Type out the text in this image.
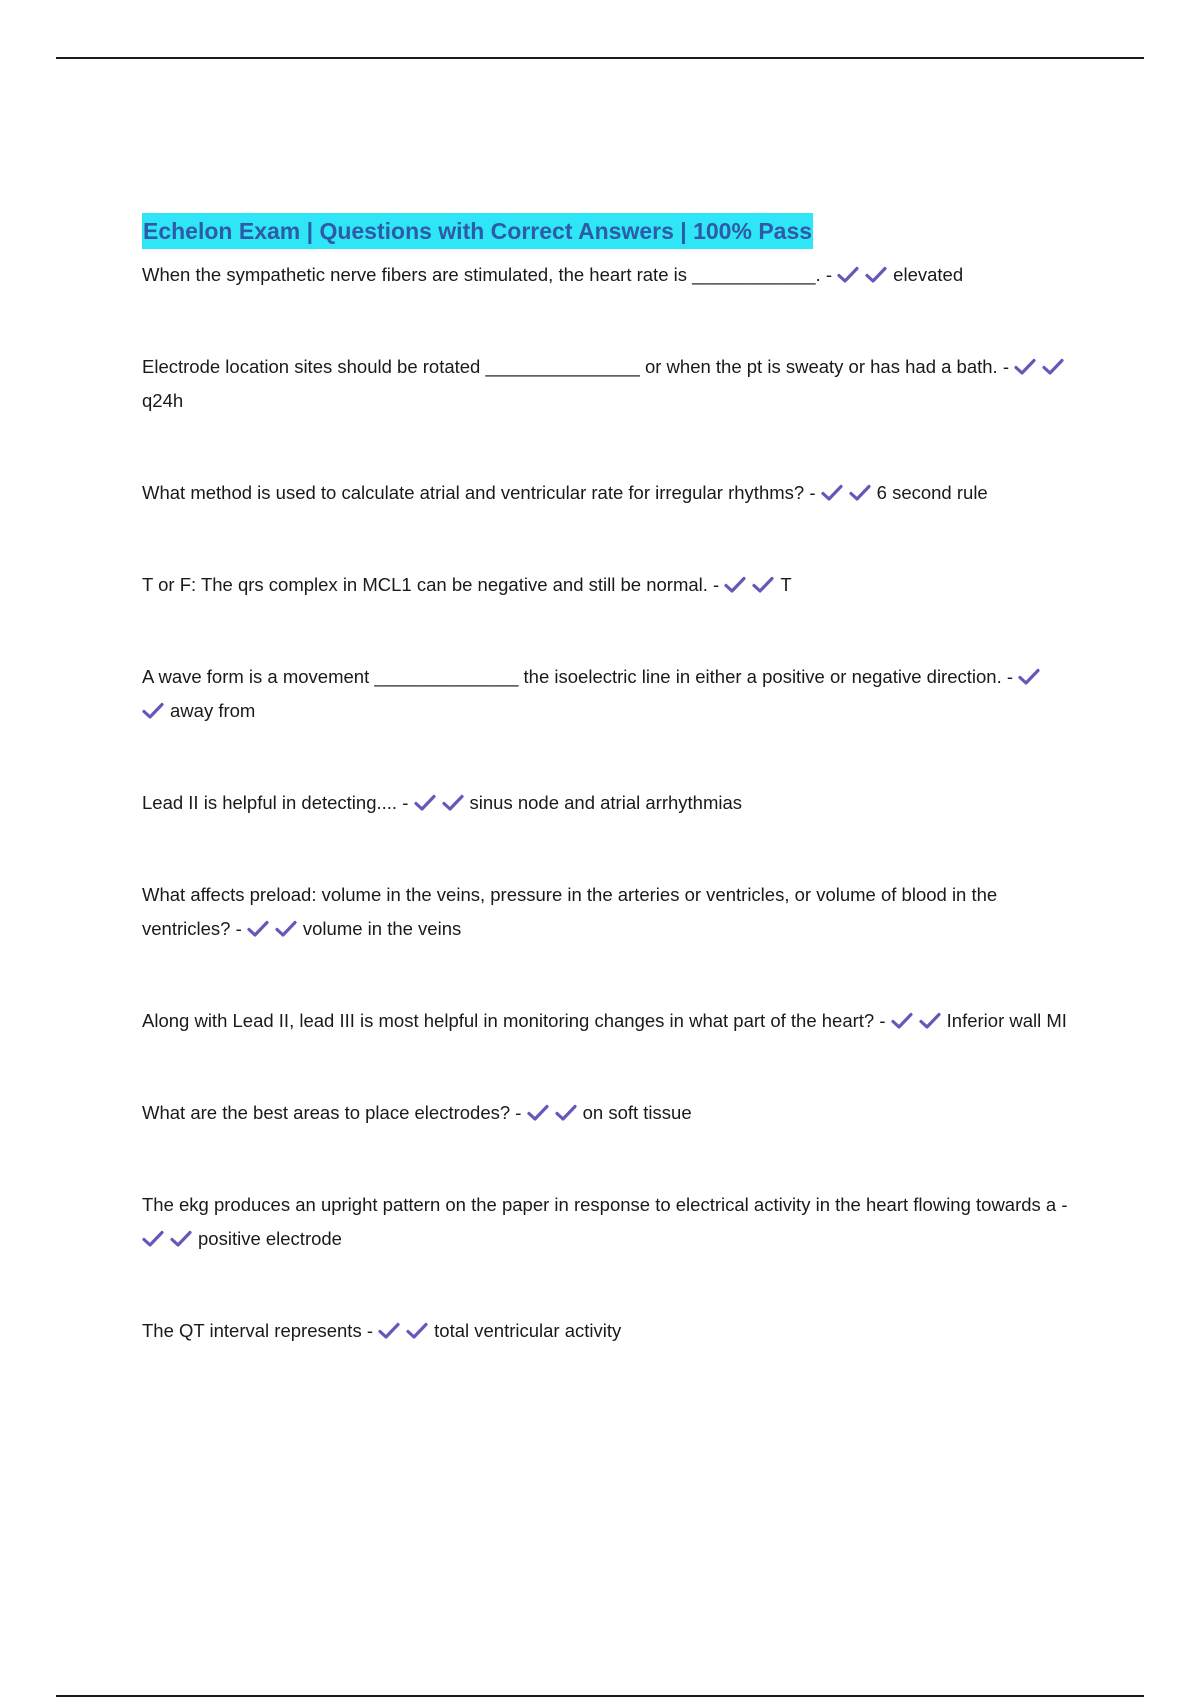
Echelon Exam | Questions with Correct Answers | 100% Pass
When the sympathetic nerve fibers are stimulated, the heart rate is ____________. -	elevated
Electrode location sites should be rotated _______________ or when the pt is sweaty or has had a bath. -
q24h
What method is used to calculate atrial and ventricular rate for irregular rhythms? -	6 second rule
T or F: The qrs complex in MCL1 can be negative and still be normal. -	T
A wave form is a movement ______________ the isoelectric line in either a positive or negative direction. -
away from
Lead II is helpful in detecting.... -	sinus node and atrial arrhythmias
What affects preload: volume in the veins, pressure in the arteries or ventricles, or volume of blood in the ventricles? -	volume in the veins
Along with Lead II, lead III is most helpful in monitoring changes in what part of the heart? -	Inferior wall MI
What are the best areas to place electrodes? -	on soft tissue
The ekg produces an upright pattern on the paper in response to electrical activity in the heart flowing towards a -
positive electrode
The QT interval represents -	total ventricular activity
